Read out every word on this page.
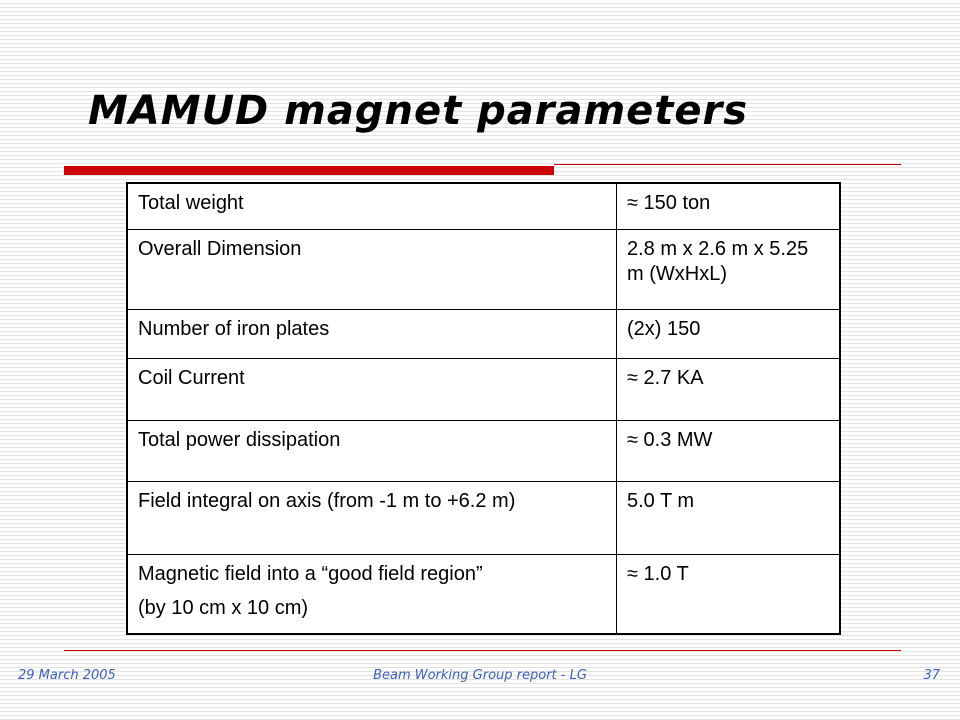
MAMUD magnet parameters
Total weight	≈ 150 ton
Overall Dimension	2.8 m x 2.6 m x 5.25 m (WxHxL)
Number of iron plates	(2x) 150
Coil Current	≈ 2.7 KA
Total power dissipation	≈ 0.3 MW
Field integral on axis (from -1 m to +6.2 m)	5.0 T m
Magnetic field into a “good field region”
(by 10 cm x 10 cm)	≈ 1.0 T
Beam Working Group report - LG
29 March 2005	37
